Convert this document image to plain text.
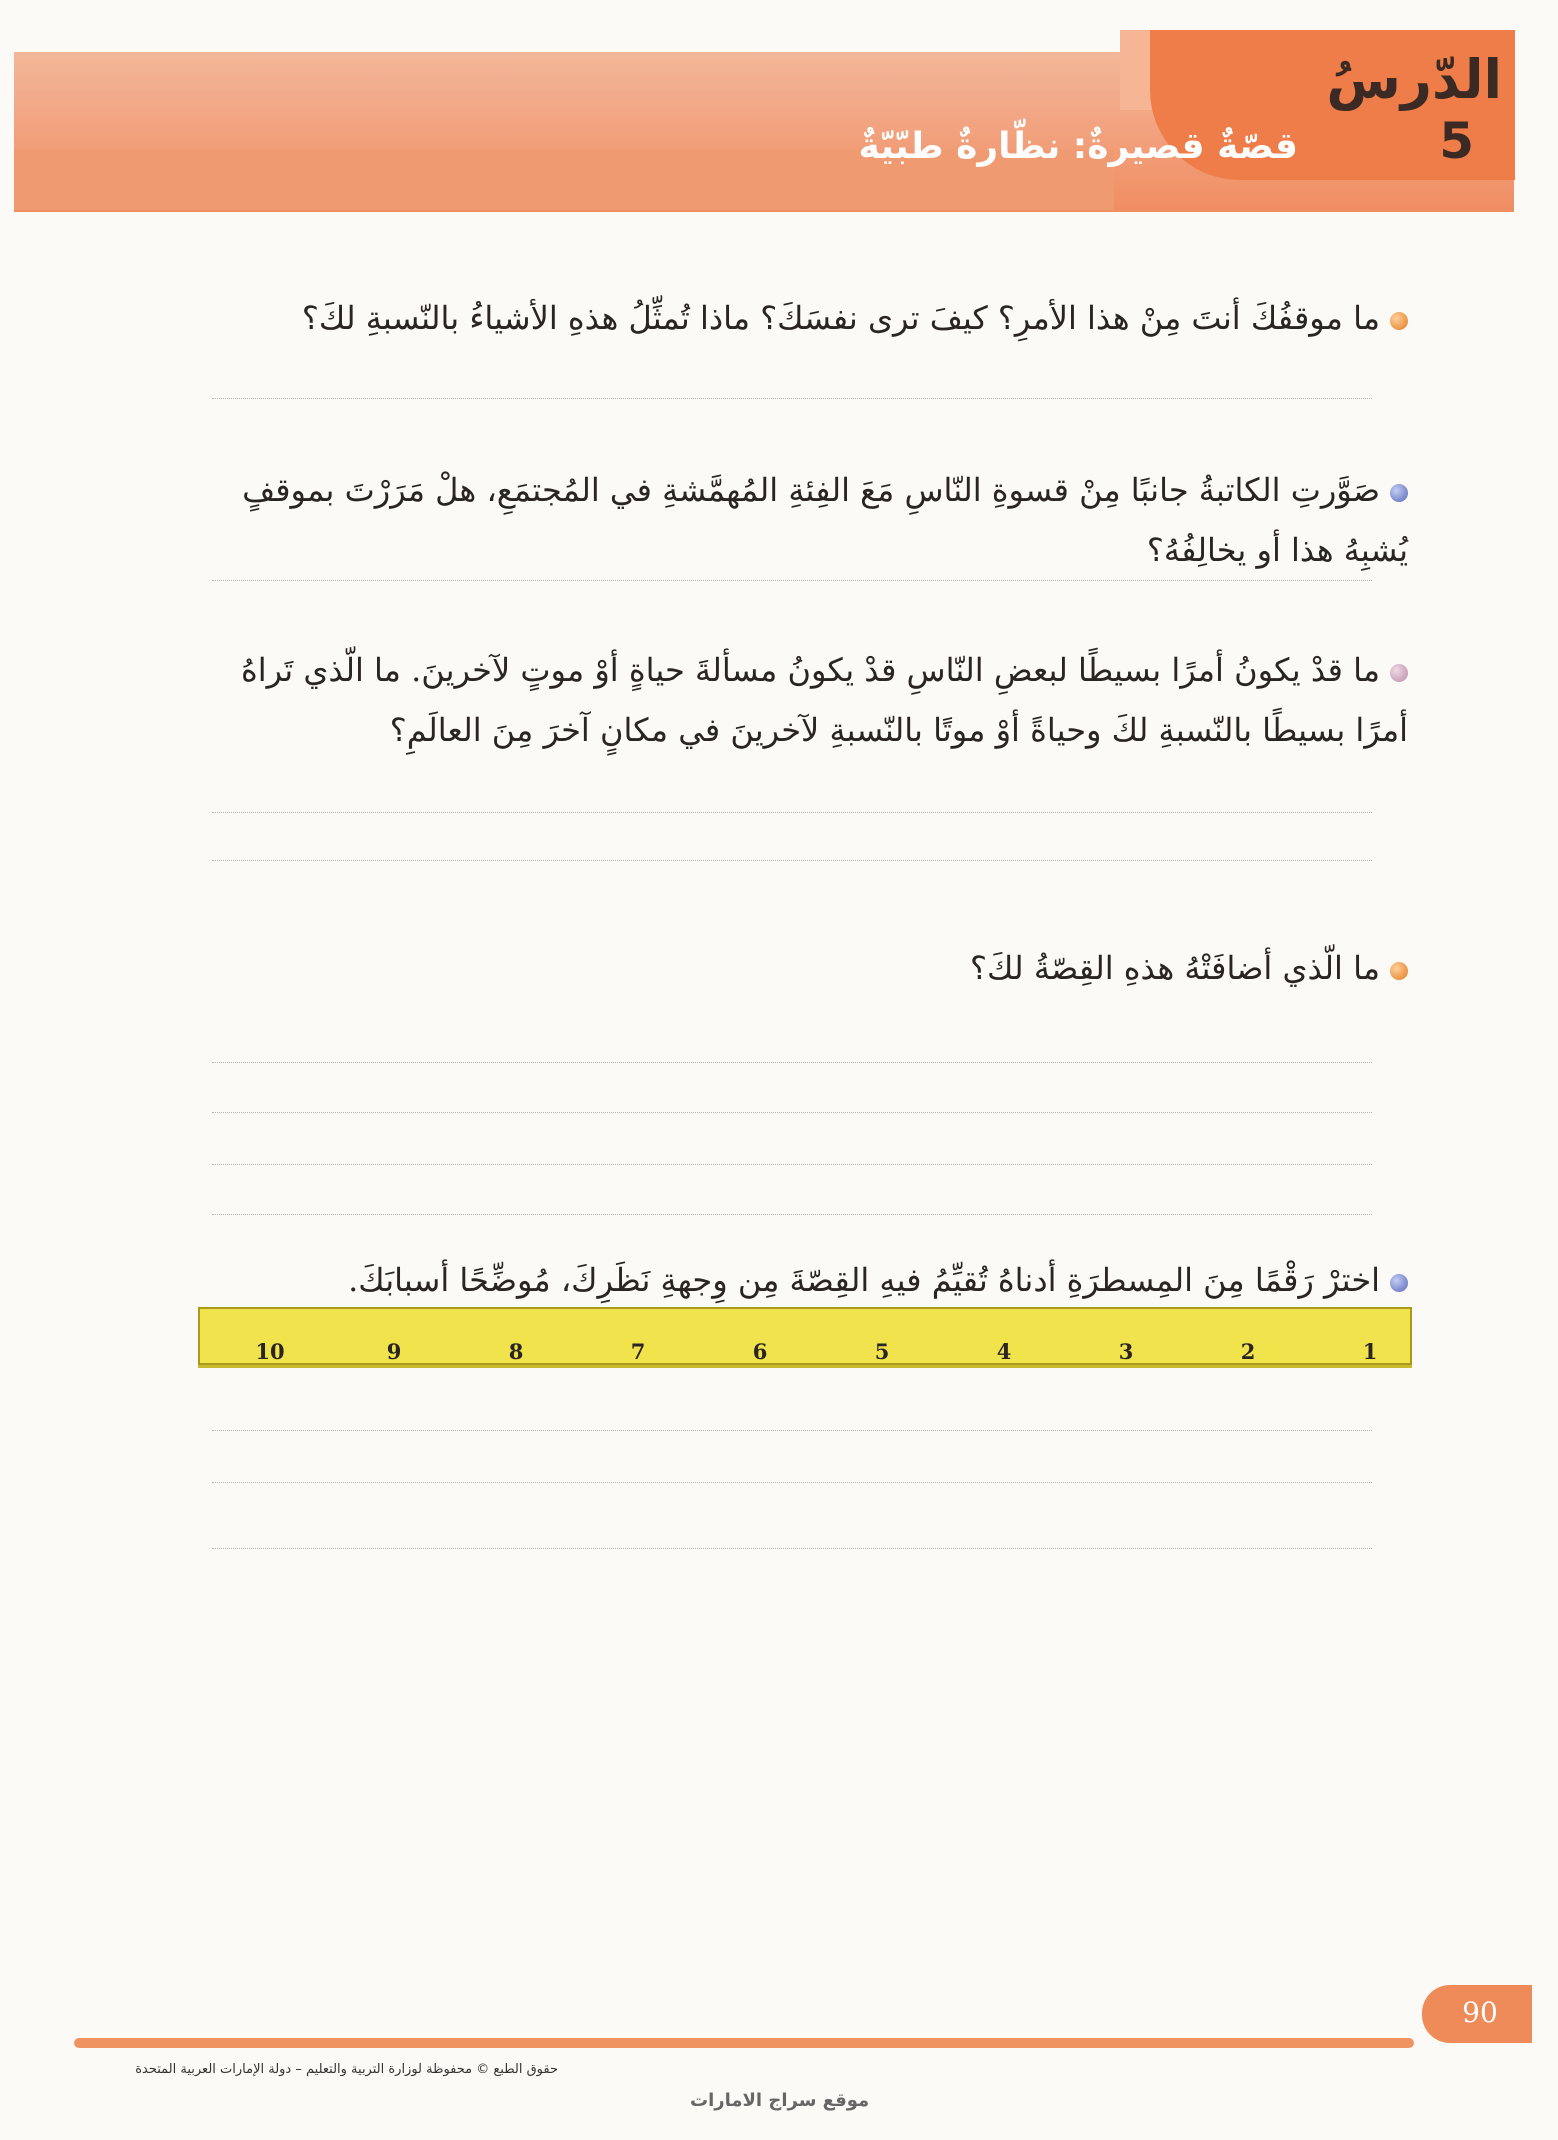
الدّرسُ
5
قصّةٌ قصيرةٌ: نظّارةٌ طبّيّةٌ
ما موقفُكَ أنتَ مِنْ هذا الأمرِ؟ كيفَ ترى نفسَكَ؟ ماذا تُمثِّلُ هذهِ الأشياءُ بالنّسبةِ لكَ؟
صَوَّرتِ الكاتبةُ جانبًا مِنْ قسوةِ النّاسِ مَعَ الفِئةِ المُهمَّشةِ في المُجتمَعِ، هلْ مَرَرْتَ بموقفٍ يُشبِهُ هذا أو يخالِفُهُ؟
ما قدْ يكونُ أمرًا بسيطًا لبعضِ النّاسِ قدْ يكونُ مسألةَ حياةٍ أوْ موتٍ لآخرينَ. ما الّذي تَراهُ أمرًا بسيطًا بالنّسبةِ لكَ وحياةً أوْ موتًا بالنّسبةِ لآخرينَ في مكانٍ آخرَ مِنَ العالَمِ؟
ما الّذي أضافَتْهُ هذهِ القِصّةُ لكَ؟
اخترْ رَقْمًا مِنَ المِسطرَةِ أدناهُ تُقيِّمُ فيهِ القِصّةَ مِن وِجهةِ نَظَرِكَ، مُوضِّحًا أسبابَكَ.
1
2
3
4
5
6
7
8
9
10
90
حقوق الطبع © محفوظة لوزارة التربية والتعليم – دولة الإمارات العربية المتحدة
موقع سراج الامارات
